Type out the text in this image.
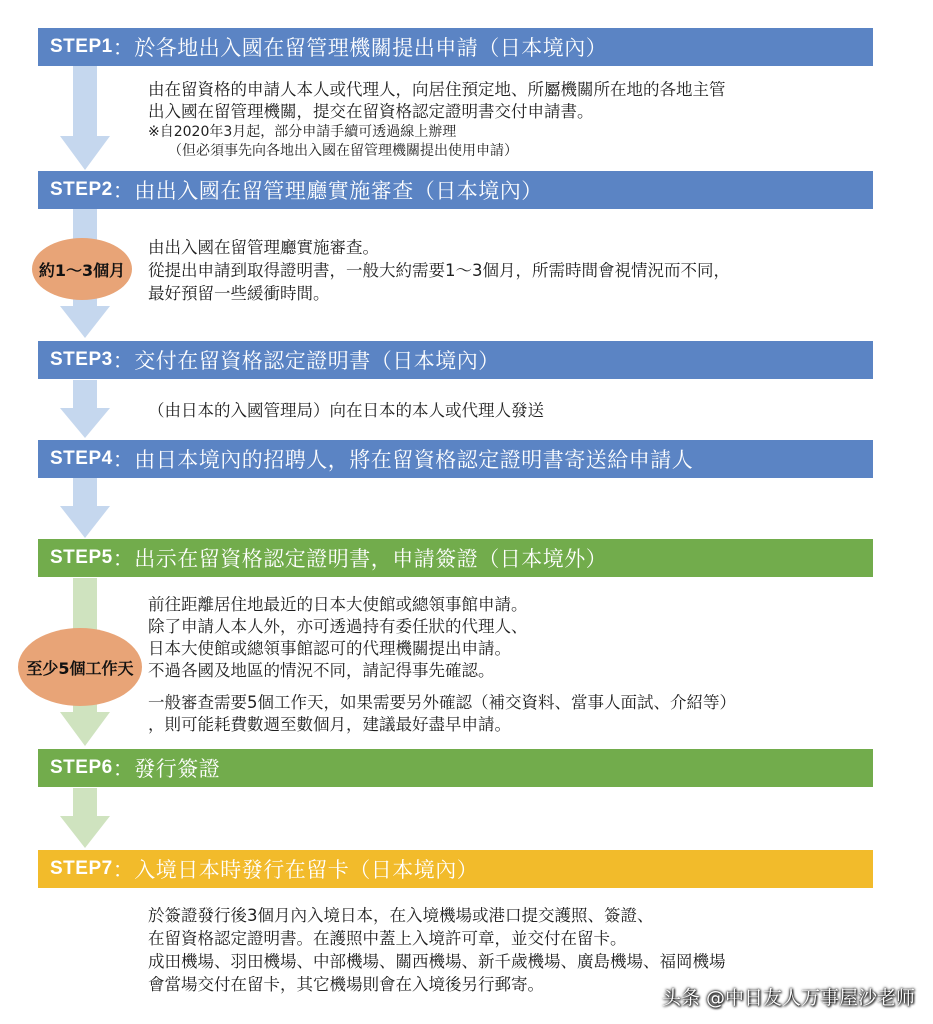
STEP1 ： 於各地出入國在留管理機關提出申請（日本境內）
STEP2 ： 由出入國在留管理廳實施審查（日本境內）
STEP3 ： 交付在留資格認定證明書（日本境內）
STEP4 ： 由日本境內的招聘人，將在留資格認定證明書寄送給申請人
STEP5 ： 出示在留資格認定證明書，申請簽證（日本境外）
STEP6 ： 發行簽證
STEP7 ： 入境日本時發行在留卡（日本境內）
由在留資格的申請人本人或代理人，向居住預定地、所屬機關所在地的各地主管
出入國在留管理機關，提交在留資格認定證明書交付申請書。
※自2020年3月起，部分申請手續可透過線上辦理
（但必須事先向各地出入國在留管理機關提出使用申請）
約1～3個月
由出入國在留管理廳實施審查。
從提出申請到取得證明書，一般大約需要1～3個月，所需時間會視情況而不同，
最好預留一些緩衝時間。
（由日本的入國管理局）向在日本的本人或代理人發送
至少5個工作天
前往距離居住地最近的日本大使館或總領事館申請。
除了申請人本人外，亦可透過持有委任狀的代理人、
日本大使館或總領事館認可的代理機關提出申請。
不過各國及地區的情況不同，請記得事先確認。
一般審查需要5個工作天，如果需要另外確認（補交資料、當事人面試、介紹等）
，則可能耗費數週至數個月，建議最好盡早申請。
於簽證發行後3個月內入境日本，在入境機場或港口提交護照、簽證、
在留資格認定證明書。在護照中蓋上入境許可章，並交付在留卡。
成田機場、羽田機場、中部機場、關西機場、新千歲機場、廣島機場、福岡機場
會當場交付在留卡，其它機場則會在入境後另行郵寄。
头条 @中日友人万事屋沙老师
